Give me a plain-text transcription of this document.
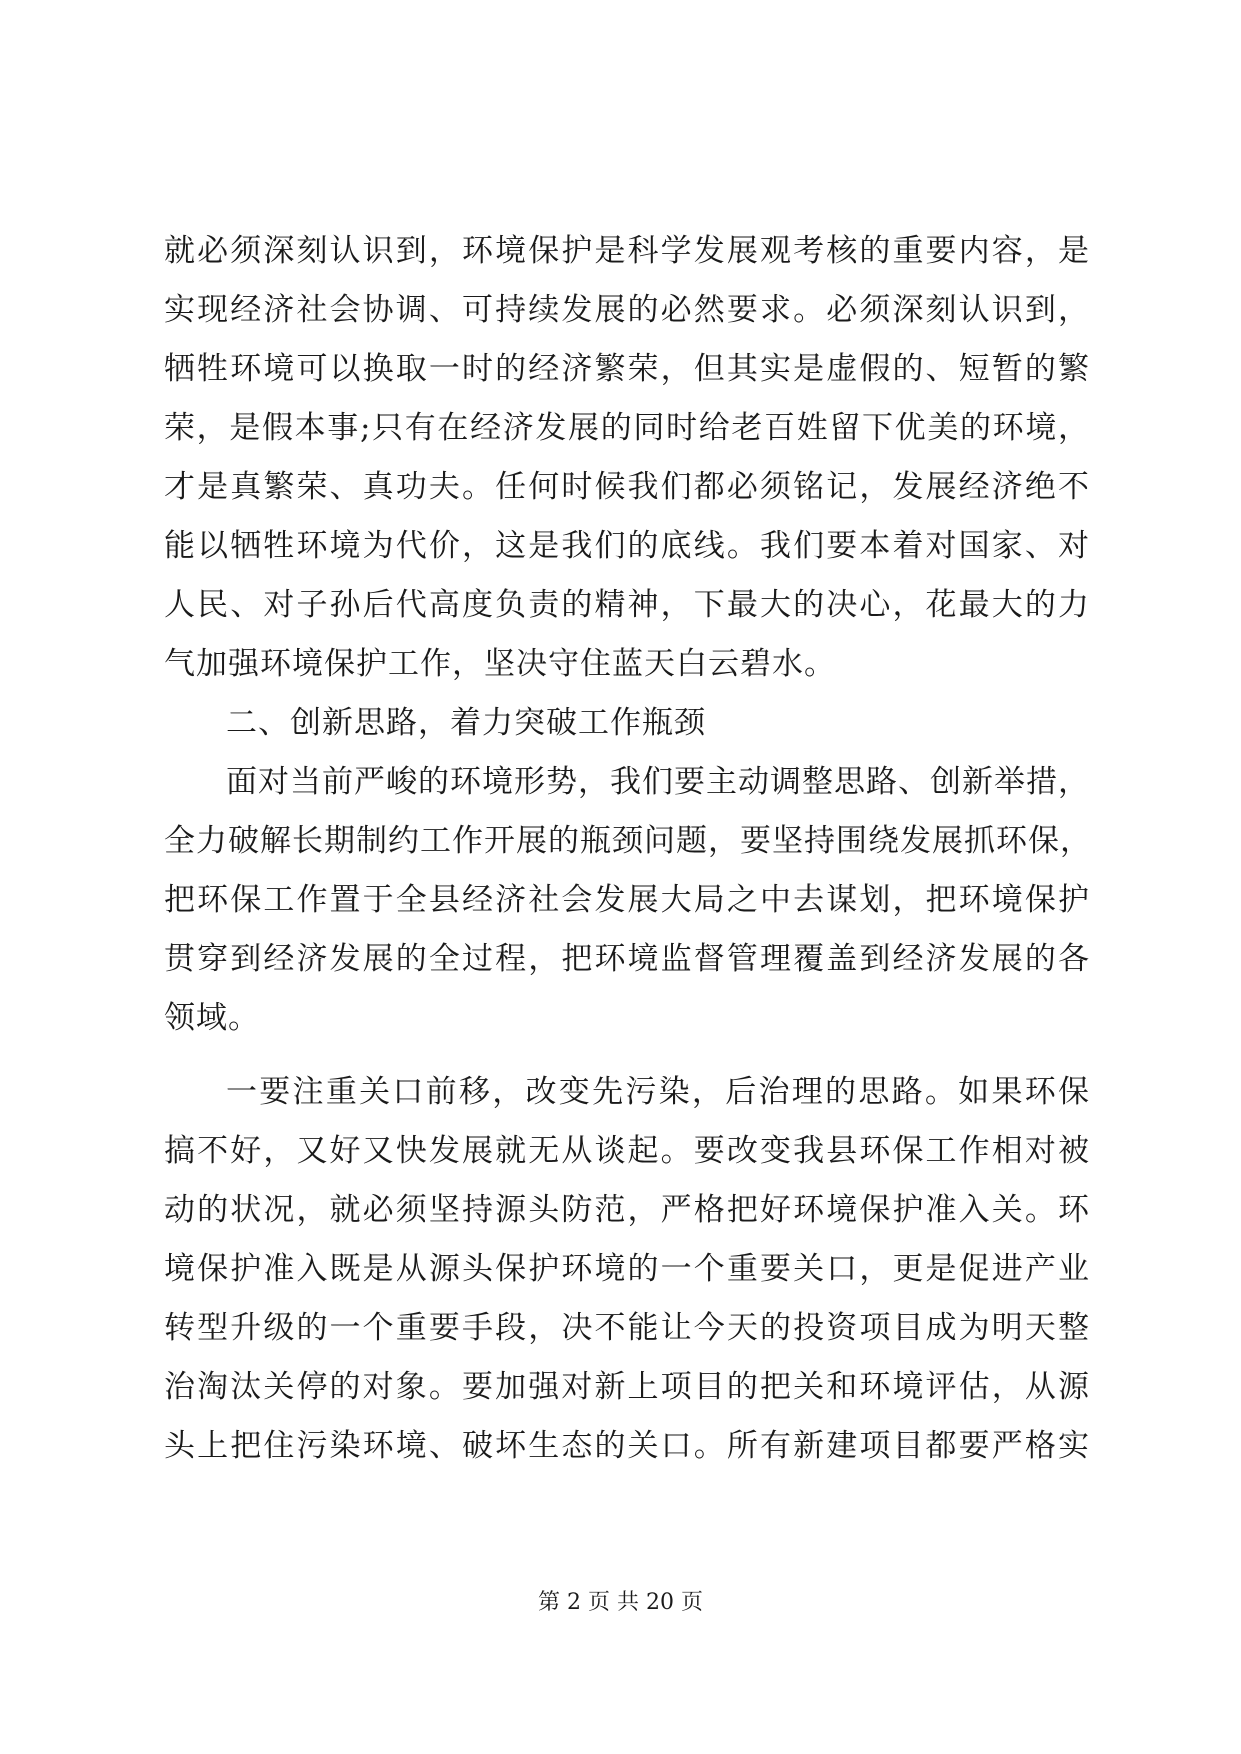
就必须深刻认识到，环境保护是科学发展观考核的重要内容，是
实现经济社会协调、可持续发展的必然要求。必须深刻认识到，
牺牲环境可以换取一时的经济繁荣，但其实是虚假的、短暂的繁
荣，是假本事;只有在经济发展的同时给老百姓留下优美的环境，
才是真繁荣、真功夫。任何时候我们都必须铭记，发展经济绝不
能以牺牲环境为代价，这是我们的底线。我们要本着对国家、对
人民、对子孙后代高度负责的精神，下最大的决心，花最大的力
气加强环境保护工作，坚决守住蓝天白云碧水。
二、创新思路，着力突破工作瓶颈
面对当前严峻的环境形势，我们要主动调整思路、创新举措，
全力破解长期制约工作开展的瓶颈问题，要坚持围绕发展抓环保，
把环保工作置于全县经济社会发展大局之中去谋划，把环境保护
贯穿到经济发展的全过程，把环境监督管理覆盖到经济发展的各
领域。
一要注重关口前移，改变先污染，后治理的思路。如果环保
搞不好，又好又快发展就无从谈起。要改变我县环保工作相对被
动的状况，就必须坚持源头防范，严格把好环境保护准入关。环
境保护准入既是从源头保护环境的一个重要关口，更是促进产业
转型升级的一个重要手段，决不能让今天的投资项目成为明天整
治淘汰关停的对象。要加强对新上项目的把关和环境评估，从源
头上把住污染环境、破坏生态的关口。所有新建项目都要严格实
第 2 页 共 20 页
